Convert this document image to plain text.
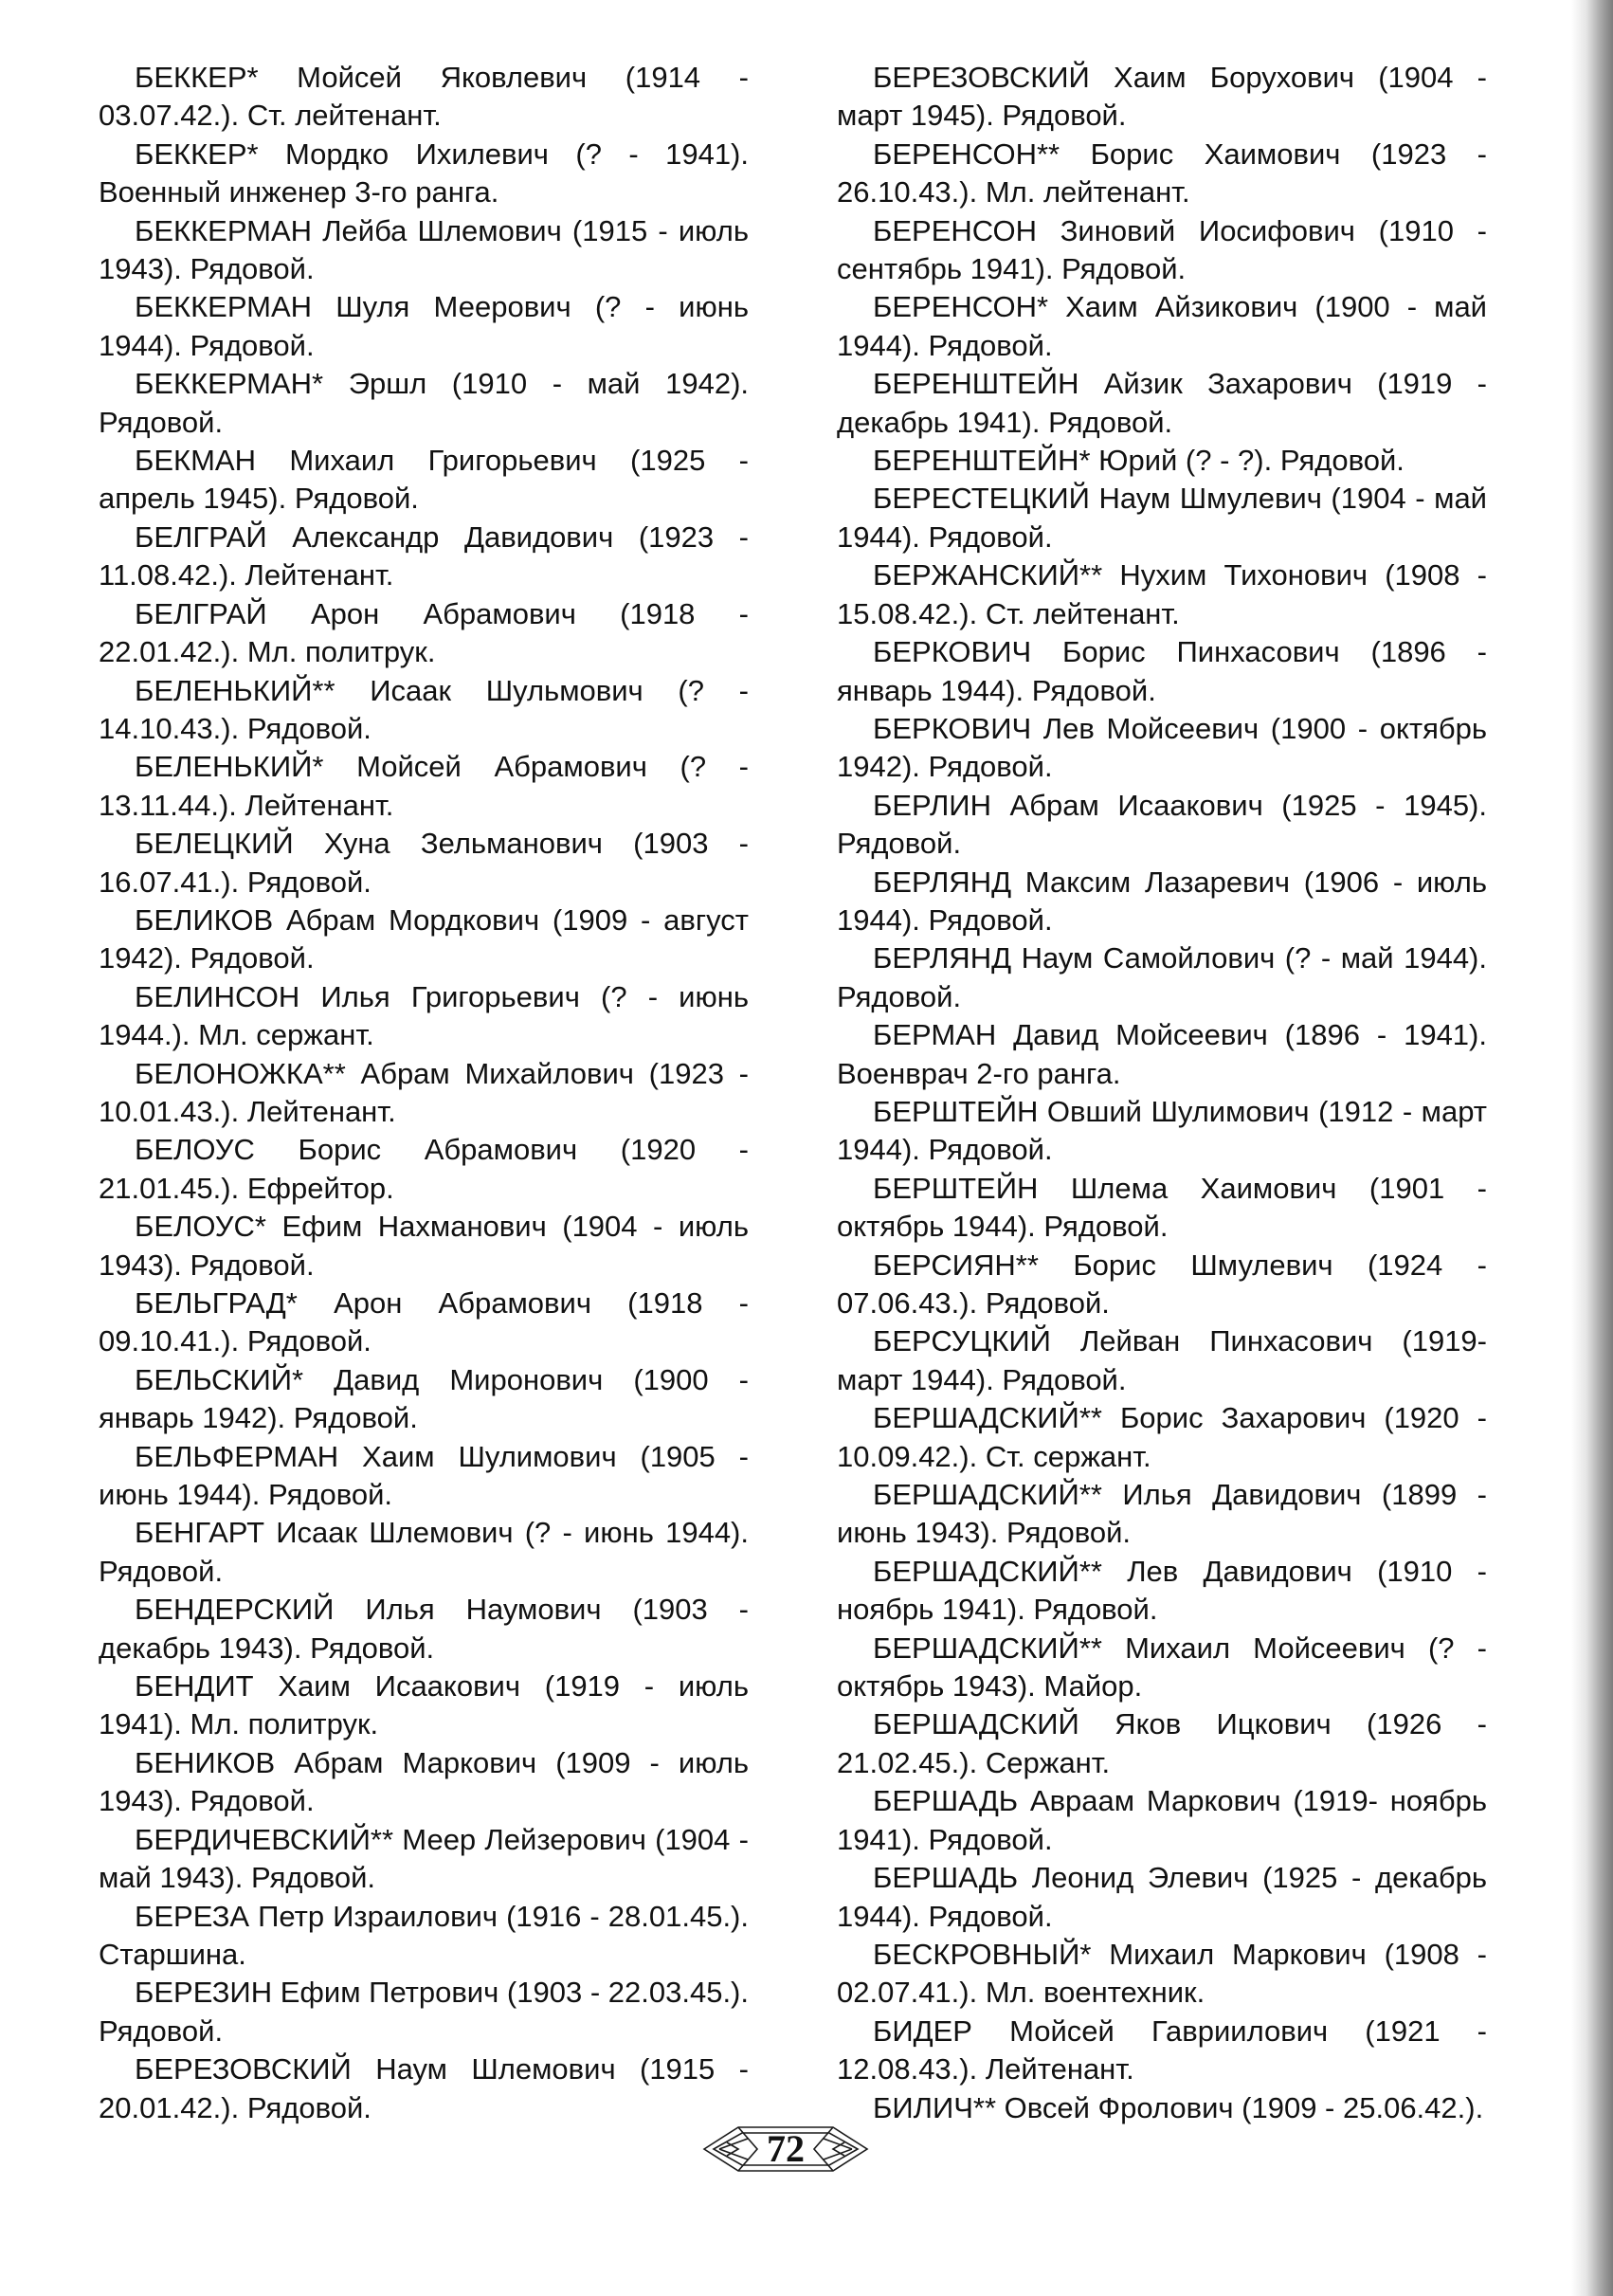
БЕККЕР* Мойсей Яковлевич (1914 - 03.07.42.). Ст. лейтенант.

БЕККЕР* Мордко Ихилевич (? - 1941). Военный инженер 3-го ранга.

БЕККЕРМАН Лейба Шлемович (1915 - июль 1943). Рядовой.

БЕККЕРМАН Шуля Меерович (? - июнь 1944). Рядовой.

БЕККЕРМАН* Эршл (1910 - май 1942). Рядовой.

БЕКМАН Михаил Григорьевич (1925 - апрель 1945). Рядовой.

БЕЛГРАЙ Александр Давидович (1923 - 11.08.42.). Лейтенант.

БЕЛГРАЙ Арон Абрамович (1918 - 22.01.42.). Мл. политрук.

БЕЛЕНЬКИЙ** Исаак Шульмович (? - 14.10.43.). Рядовой.

БЕЛЕНЬКИЙ* Мойсей Абрамович (? - 13.11.44.). Лейтенант.

БЕЛЕЦКИЙ Хуна Зельманович (1903 - 16.07.41.). Рядовой.

БЕЛИКОВ Абрам Мордкович (1909 - август 1942). Рядовой.

БЕЛИНСОН Илья Григорьевич (? - июнь 1944.). Мл. сержант.

БЕЛОНОЖКА** Абрам Михайлович (1923 - 10.01.43.). Лейтенант.

БЕЛОУС Борис Абрамович (1920 - 21.01.45.). Ефрейтор.

БЕЛОУС* Ефим Нахманович (1904 - июль 1943). Рядовой.

БЕЛЬГРАД* Арон Абрамович (1918 - 09.10.41.). Рядовой.

БЕЛЬСКИЙ* Давид Миронович (1900 - январь 1942). Рядовой.

БЕЛЬФЕРМАН Хаим Шулимович (1905 - июнь 1944). Рядовой.

БЕНГАРТ Исаак Шлемович (? - июнь 1944). Рядовой.

БЕНДЕРСКИЙ Илья Наумович (1903 - декабрь 1943). Рядовой.

БЕНДИТ Хаим Исаакович (1919 - июль 1941). Мл. политрук.

БЕНИКОВ Абрам Маркович (1909 - июль 1943). Рядовой.

БЕРДИЧЕВСКИЙ** Меер Лейзерович (1904 - май 1943). Рядовой.

БЕРЕЗА Петр Израилович (1916 - 28.01.45.). Старшина.

БЕРЕЗИН Ефим Петрович (1903 - 22.03.45.). Рядовой.

БЕРЕЗОВСКИЙ Наум Шлемович (1915 - 20.01.42.). Рядовой.

БЕРЕЗОВСКИЙ Хаим Борухович (1904 - март 1945). Рядовой.

БЕРЕНСОН** Борис Хаимович (1923 - 26.10.43.). Мл. лейтенант.

БЕРЕНСОН Зиновий Иосифович (1910 - сентябрь 1941). Рядовой.

БЕРЕНСОН* Хаим Айзикович (1900 - май 1944). Рядовой.

БЕРЕНШТЕЙН Айзик Захарович (1919 - декабрь 1941). Рядовой.

БЕРЕНШТЕЙН* Юрий (? - ?). Рядовой.

БЕРЕСТЕЦКИЙ Наум Шмулевич (1904 - май 1944). Рядовой.

БЕРЖАНСКИЙ** Нухим Тихонович (1908 - 15.08.42.). Ст. лейтенант.

БЕРКОВИЧ Борис Пинхасович (1896 - январь 1944). Рядовой.

БЕРКОВИЧ Лев Мойсеевич (1900 - октябрь 1942). Рядовой.

БЕРЛИН Абрам Исаакович (1925 - 1945). Рядовой.

БЕРЛЯНД Максим Лазаревич (1906 - июль 1944). Рядовой.

БЕРЛЯНД Наум Самойлович (? - май 1944). Рядовой.

БЕРМАН Давид Мойсеевич (1896 - 1941). Военврач 2-го ранга.

БЕРШТЕЙН Овший Шулимович (1912 - март 1944). Рядовой.

БЕРШТЕЙН Шлема Хаимович (1901 - октябрь 1944). Рядовой.

БЕРСИЯН** Борис Шмулевич (1924 - 07.06.43.). Рядовой.

БЕРСУЦКИЙ Лейван Пинхасович (1919- март 1944). Рядовой.

БЕРШАДСКИЙ** Борис Захарович (1920 - 10.09.42.). Ст. сержант.

БЕРШАДСКИЙ** Илья Давидович (1899 - июнь 1943). Рядовой.

БЕРШАДСКИЙ** Лев Давидович (1910 - ноябрь 1941). Рядовой.

БЕРШАДСКИЙ** Михаил Мойсеевич (? - октябрь 1943). Майор.

БЕРШАДСКИЙ Яков Ицкович (1926 - 21.02.45.). Сержант.

БЕРШАДЬ Авраам Маркович (1919- ноябрь 1941). Рядовой.

БЕРШАДЬ Леонид Элевич (1925 - декабрь 1944). Рядовой.

БЕСКРОВНЫЙ* Михаил Маркович (1908 - 02.07.41.). Мл. воентехник.

БИДЕР Мойсей Гавриилович (1921 - 12.08.43.). Лейтенант.

БИЛИЧ** Овсей Фролович (1909 - 25.06.42.).

72
